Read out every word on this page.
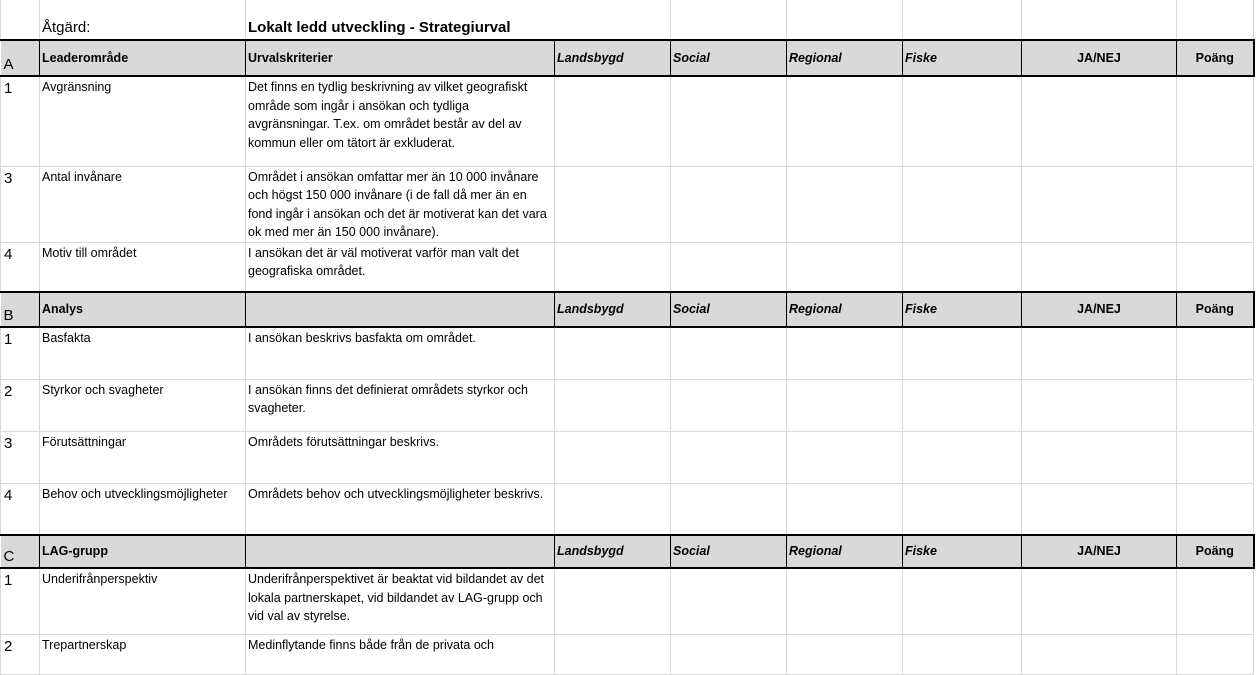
	Åtgärd:	Lokalt ledd utveckling - Strategiurval						
A	Leaderområde	Urvalskriterier	Landsbygd	Social	Regional	Fiske	JA/NEJ	Poäng
1	Avgränsning	Det finns en tydlig beskrivning av vilket geografiskt område som ingår i ansökan och tydliga avgränsningar. T.ex. om området består av del av kommun eller om tätort är exkluderat.						
3	Antal invånare	Området i ansökan omfattar mer än 10 000 invånare och högst 150 000 invånare (i de fall då mer än en fond ingår i ansökan och det är motiverat kan det vara ok med mer än 150 000 invånare).						
4	Motiv till området	I ansökan det är väl motiverat varför man valt det geografiska området.						
B	Analys		Landsbygd	Social	Regional	Fiske	JA/NEJ	Poäng
1	Basfakta	I ansökan beskrivs basfakta om området.						
2	Styrkor och svagheter	I ansökan finns det definierat områdets styrkor och svagheter.						
3	Förutsättningar	Områdets förutsättningar beskrivs.						
4	Behov och utvecklingsmöjligheter	Områdets behov och utvecklingsmöjligheter beskrivs.						
C	LAG-grupp		Landsbygd	Social	Regional	Fiske	JA/NEJ	Poäng
1	Underifrånperspektiv	Underifrånperspektivet är beaktat vid bildandet av det lokala partnerskapet, vid bildandet av LAG-grupp och vid val av styrelse.						
2	Trepartnerskap	Medinflytande finns både från de privata och						
